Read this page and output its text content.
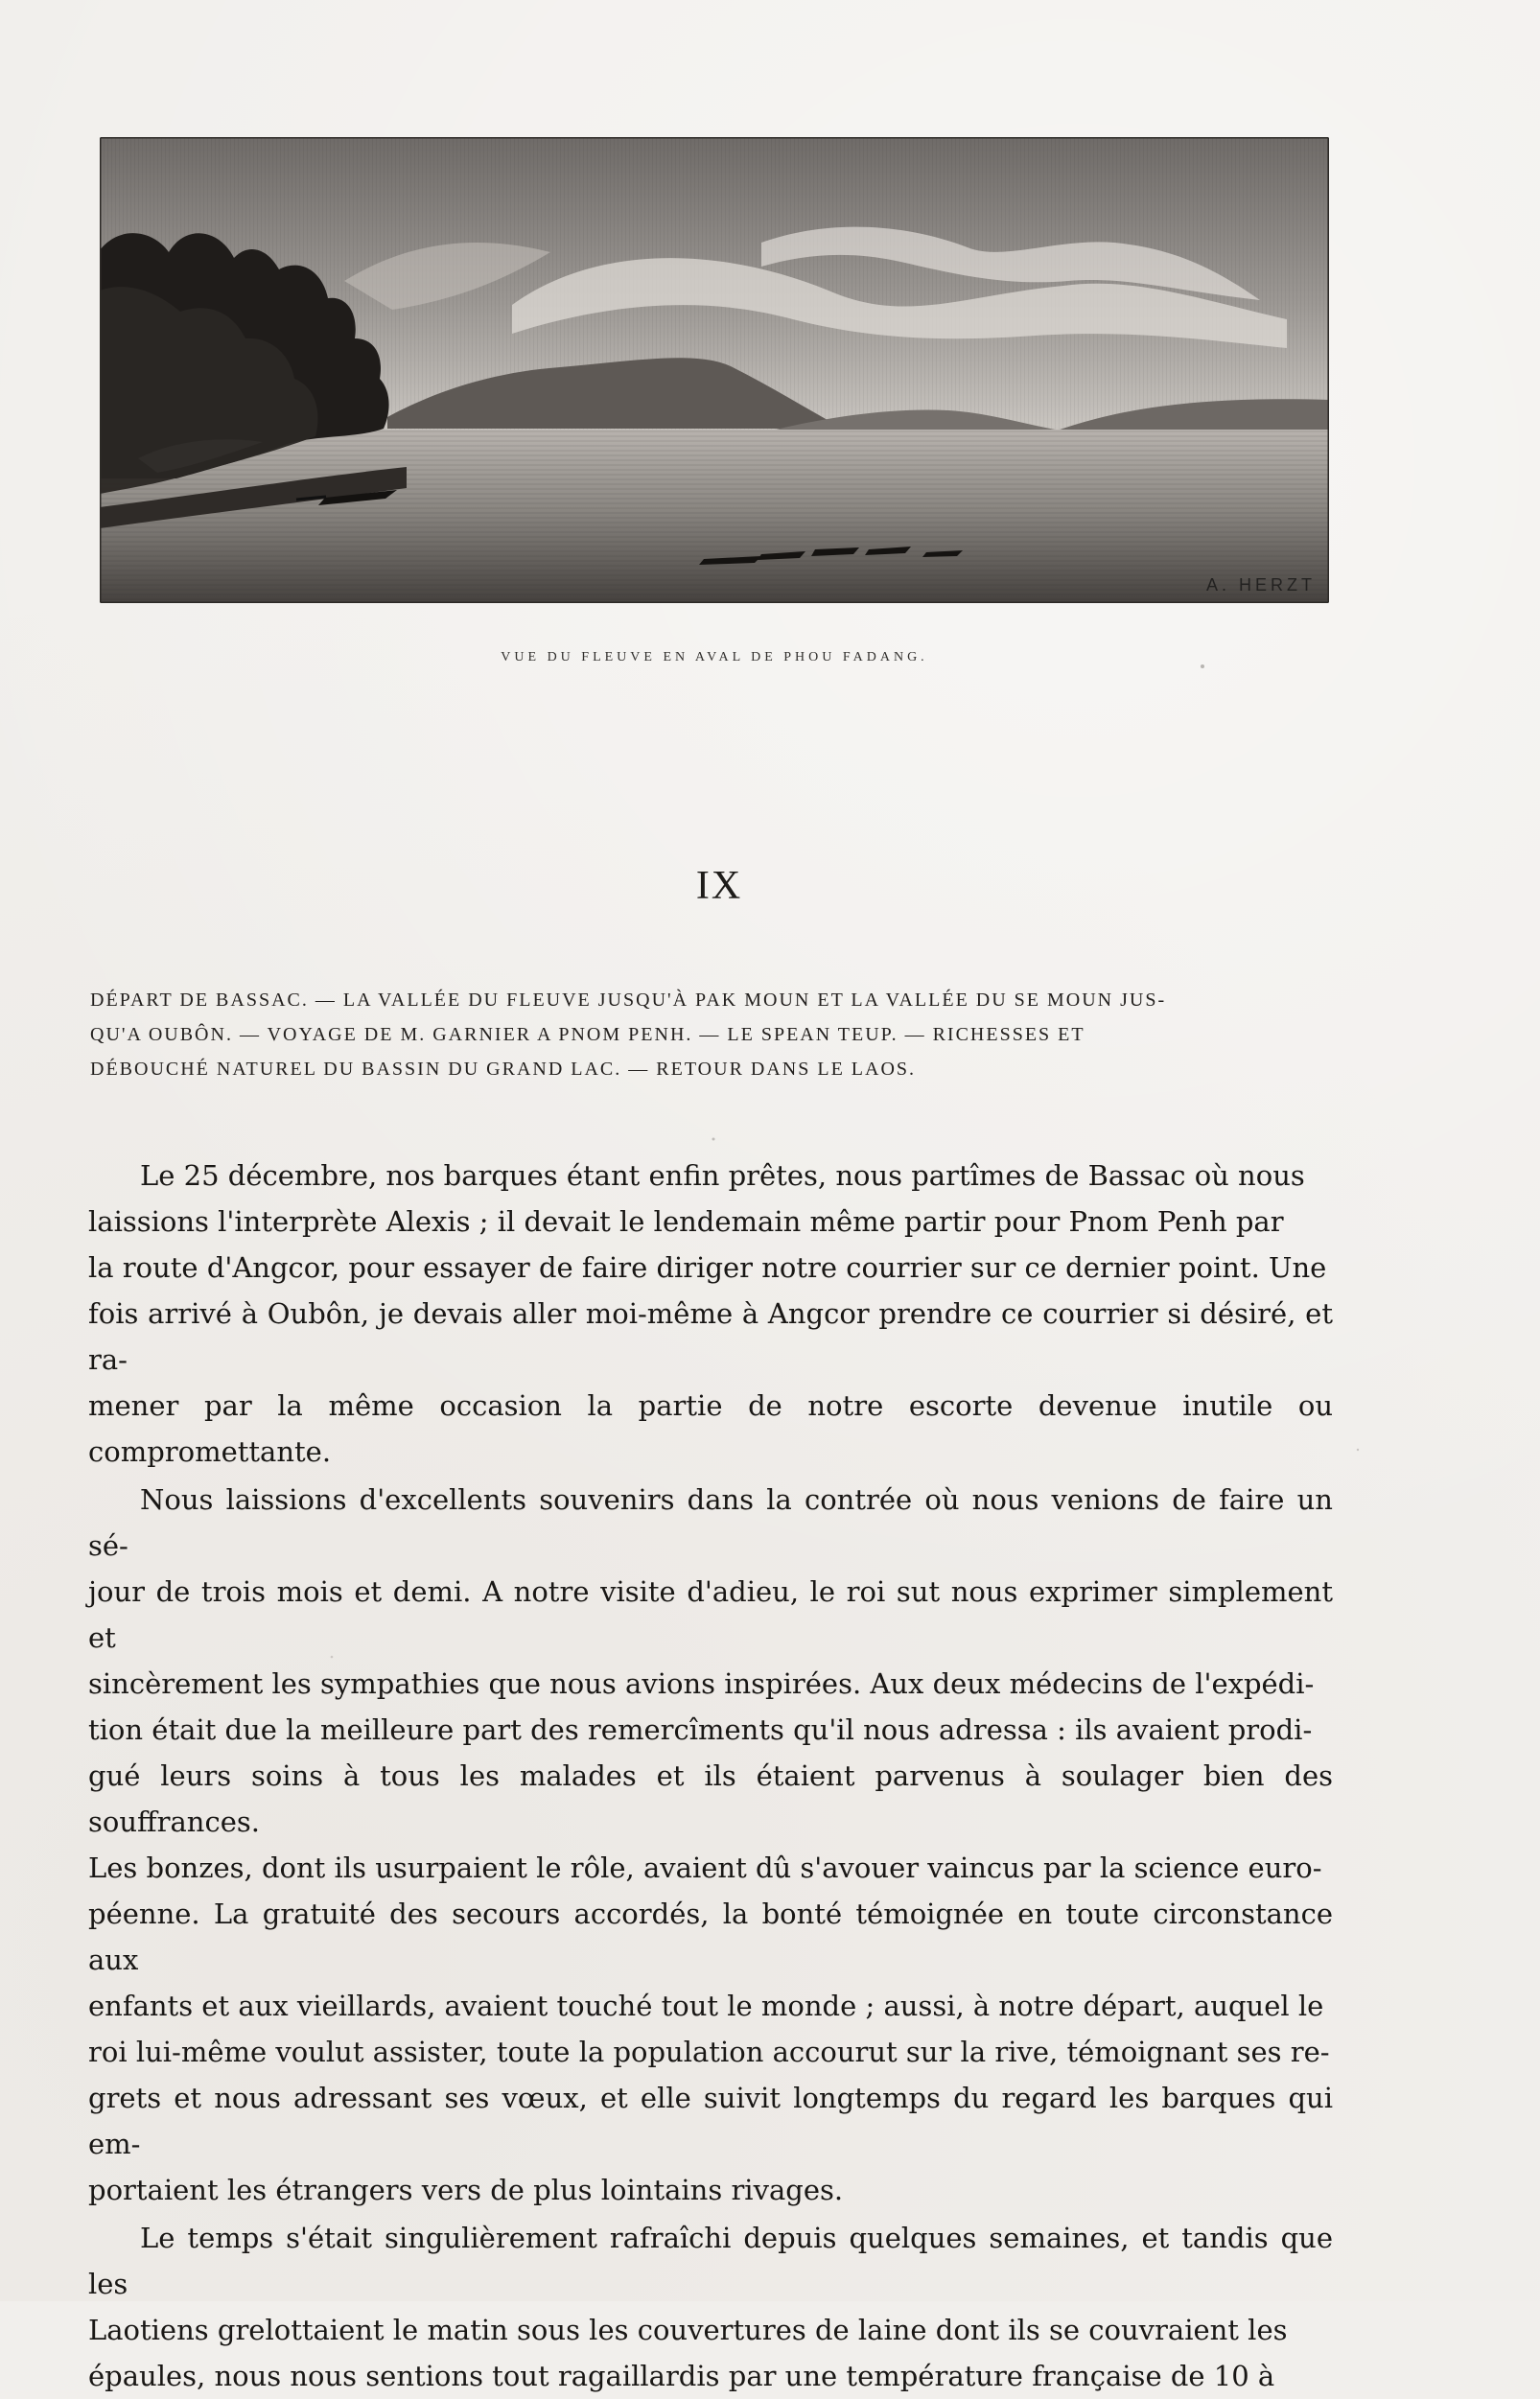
A. HERZT
VUE DU FLEUVE EN AVAL DE PHOU FADANG.
IX
DÉPART DE BASSAC. — LA VALLÉE DU FLEUVE JUSQU'À PAK MOUN ET LA VALLÉE DU SE MOUN JUS-
QU'A OUBÔN. — VOYAGE DE M. GARNIER A PNOM PENH. — LE SPEAN TEUP. — RICHESSES ET
DÉBOUCHÉ NATUREL DU BASSIN DU GRAND LAC. — RETOUR DANS LE LAOS.

Le 25 décembre, nos barques étant enfin prêtes, nous partîmes de Bassac où nous
laissions l'interprète Alexis ; il devait le lendemain même partir pour Pnom Penh par
la route d'Angcor, pour essayer de faire diriger notre courrier sur ce dernier point. Une
fois arrivé à Oubôn, je devais aller moi-même à Angcor prendre ce courrier si désiré, et ra-
mener par la même occasion la partie de notre escorte devenue inutile ou compromettante.

Nous laissions d'excellents souvenirs dans la contrée où nous venions de faire un sé-
jour de trois mois et demi. A notre visite d'adieu, le roi sut nous exprimer simplement et
sincèrement les sympathies que nous avions inspirées. Aux deux médecins de l'expédi-
tion était due la meilleure part des remercîments qu'il nous adressa : ils avaient prodi-
gué leurs soins à tous les malades et ils étaient parvenus à soulager bien des souffrances.
Les bonzes, dont ils usurpaient le rôle, avaient dû s'avouer vaincus par la science euro-
péenne. La gratuité des secours accordés, la bonté témoignée en toute circonstance aux
enfants et aux vieillards, avaient touché tout le monde ; aussi, à notre départ, auquel le
roi lui-même voulut assister, toute la population accourut sur la rive, témoignant ses re-
grets et nous adressant ses vœux, et elle suivit longtemps du regard les barques qui em-
portaient les étrangers vers de plus lointains rivages.

Le temps s'était singulièrement rafraîchi depuis quelques semaines, et tandis que les
Laotiens grelottaient le matin sous les couvertures de laine dont ils se couvraient les
épaules, nous nous sentions tout ragaillardis par une température française de 10 à
